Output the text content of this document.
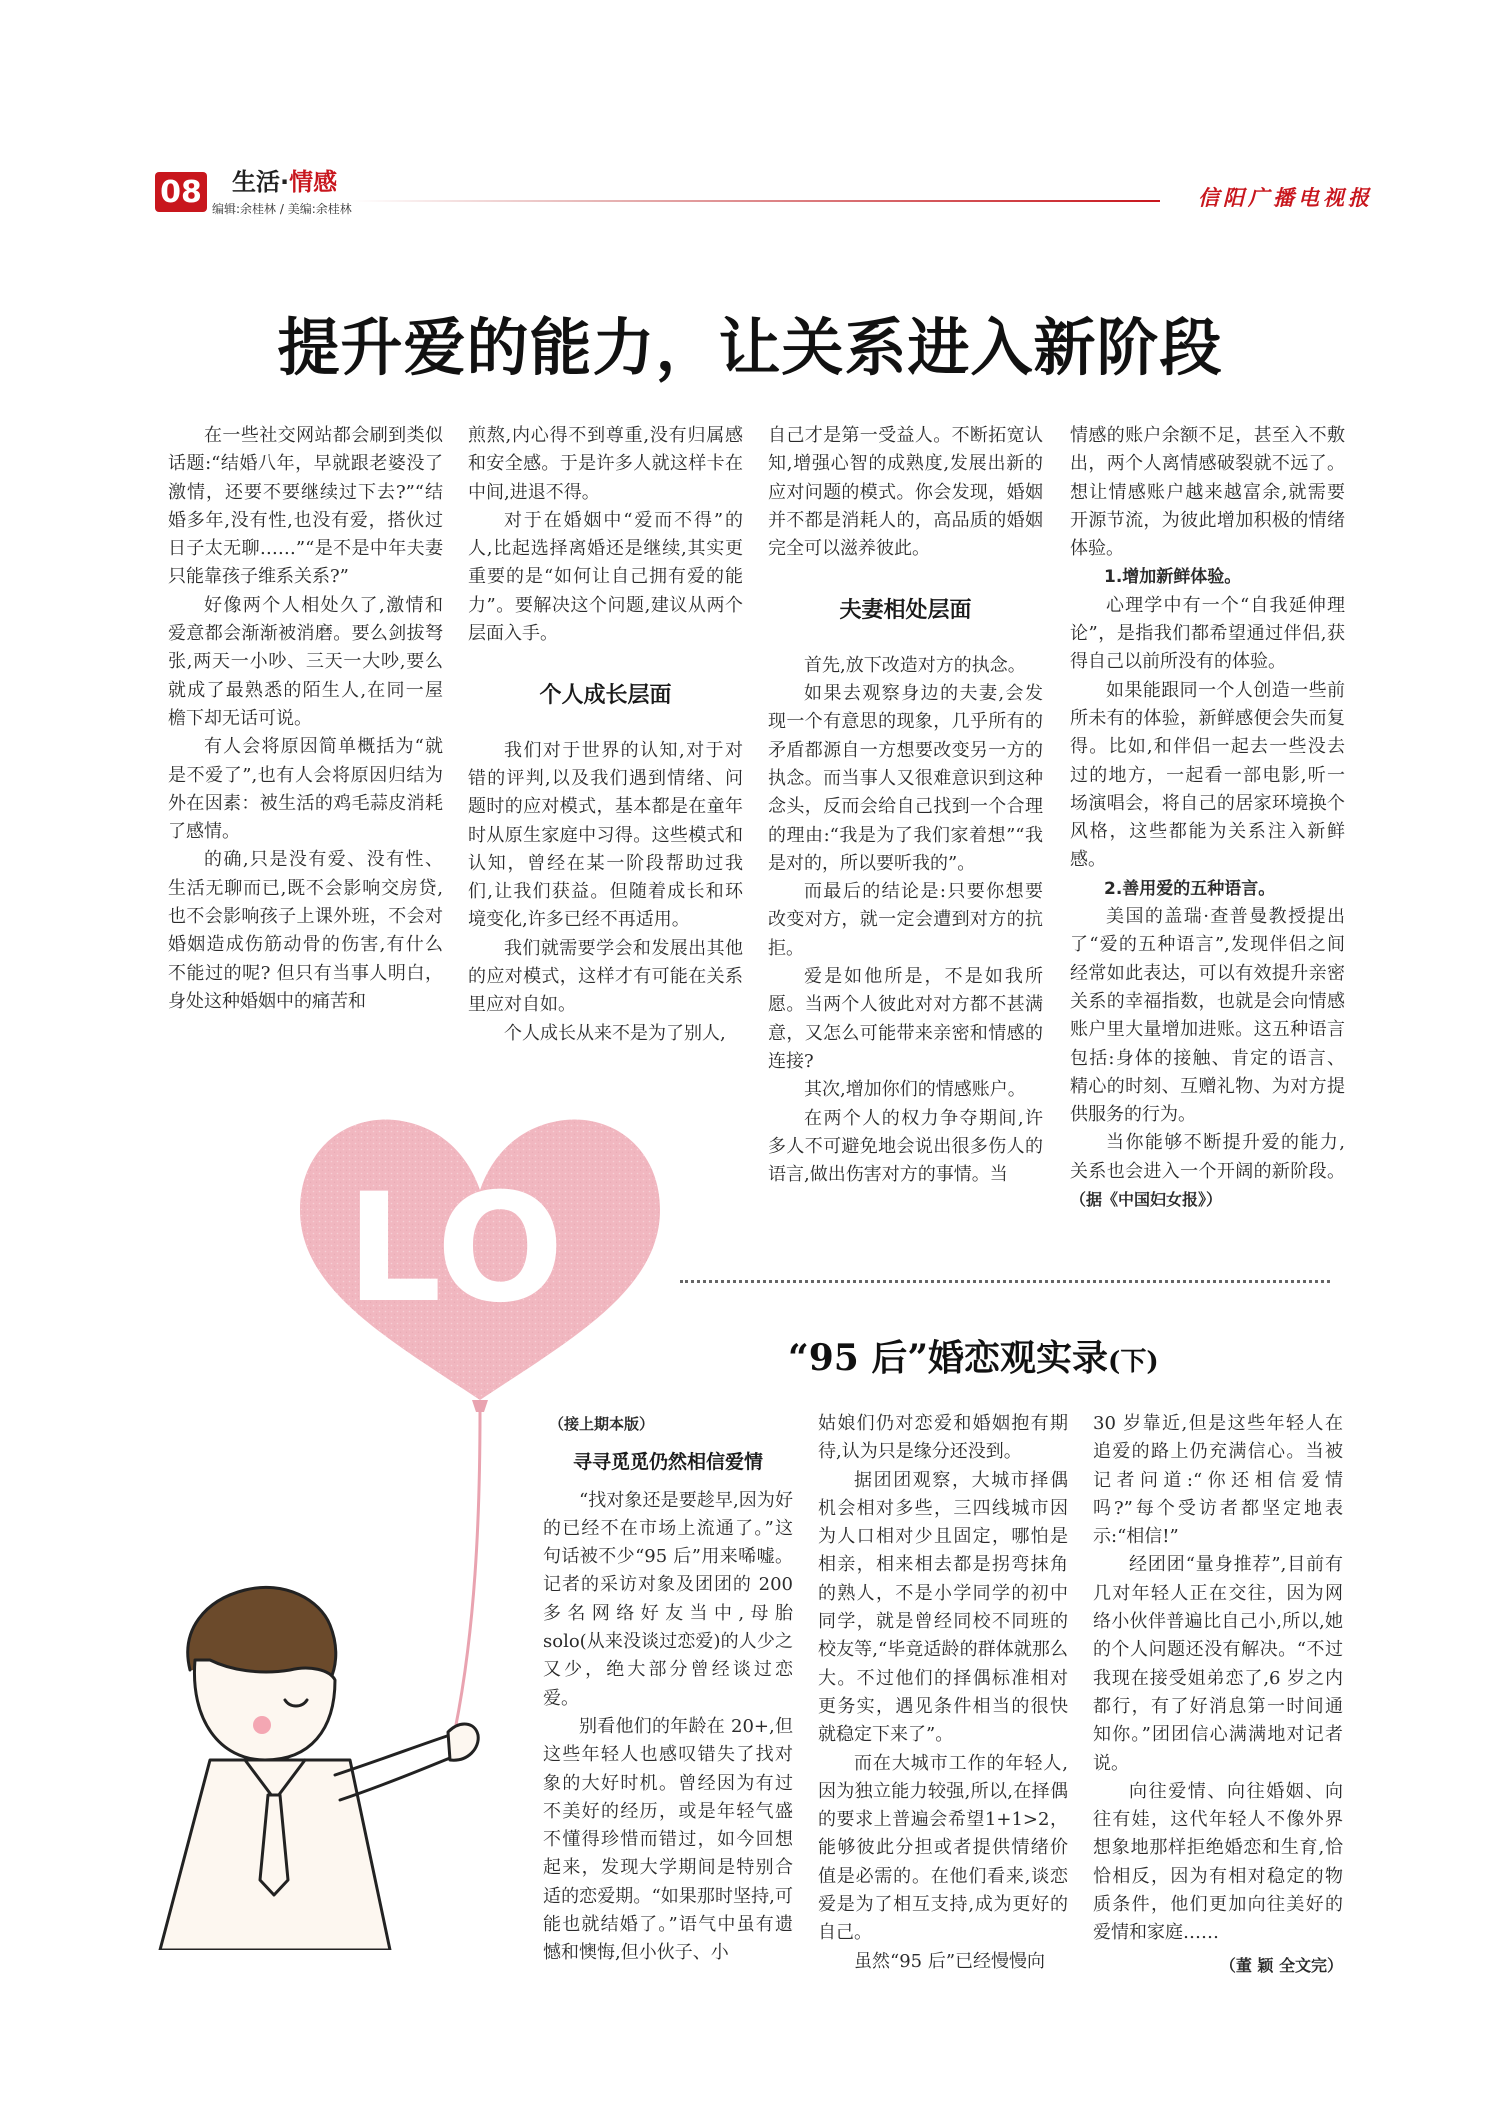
08 生活·情感
编辑:余桂林 / 美编:余桂林	信阳广播电视报
提升爱的能力，让关系进入新阶段

在一些社交网站都会刷到类似话题:“结婚八年，早就跟老婆没了激情，还要不要继续过下去?”“结婚多年,没有性,也没有爱，搭伙过日子太无聊……”“是不是中年夫妻只能靠孩子维系关系?”

好像两个人相处久了,激情和爱意都会渐渐被消磨。要么剑拔弩张,两天一小吵、三天一大吵,要么就成了最熟悉的陌生人,在同一屋檐下却无话可说。

有人会将原因简单概括为“就是不爱了”,也有人会将原因归结为外在因素：被生活的鸡毛蒜皮消耗了感情。

的确,只是没有爱、没有性、生活无聊而已,既不会影响交房贷,也不会影响孩子上课外班，不会对婚姻造成伤筋动骨的伤害,有什么不能过的呢? 但只有当事人明白，身处这种婚姻中的痛苦和

煎熬,内心得不到尊重,没有归属感和安全感。于是许多人就这样卡在中间,进退不得。

对于在婚姻中“爱而不得”的人,比起选择离婚还是继续,其实更重要的是“如何让自己拥有爱的能力”。要解决这个问题,建议从两个层面入手。

个人成长层面

我们对于世界的认知,对于对错的评判,以及我们遇到情绪、问题时的应对模式，基本都是在童年时从原生家庭中习得。这些模式和认知，曾经在某一阶段帮助过我们,让我们获益。但随着成长和环境变化,许多已经不再适用。

我们就需要学会和发展出其他的应对模式，这样才有可能在关系里应对自如。

个人成长从来不是为了别人,

自己才是第一受益人。不断拓宽认知,增强心智的成熟度,发展出新的应对问题的模式。你会发现，婚姻并不都是消耗人的，高品质的婚姻完全可以滋养彼此。

夫妻相处层面

首先,放下改造对方的执念。

如果去观察身边的夫妻,会发现一个有意思的现象，几乎所有的矛盾都源自一方想要改变另一方的执念。而当事人又很难意识到这种念头，反而会给自己找到一个合理的理由:“我是为了我们家着想”“我是对的，所以要听我的”。

而最后的结论是:只要你想要改变对方，就一定会遭到对方的抗拒。

爱是如他所是，不是如我所愿。当两个人彼此对对方都不甚满意，又怎么可能带来亲密和情感的连接?

其次,增加你们的情感账户。

在两个人的权力争夺期间,许多人不可避免地会说出很多伤人的语言,做出伤害对方的事情。当

情感的账户余额不足，甚至入不敷出，两个人离情感破裂就不远了。想让情感账户越来越富余,就需要开源节流，为彼此增加积极的情绪体验。

1.增加新鲜体验。

心理学中有一个“自我延伸理论”，是指我们都希望通过伴侣,获得自己以前所没有的体验。

如果能跟同一个人创造一些前所未有的体验，新鲜感便会失而复得。比如,和伴侣一起去一些没去过的地方，一起看一部电影,听一场演唱会，将自己的居家环境换个风格，这些都能为关系注入新鲜感。

2.善用爱的五种语言。

美国的盖瑞·查普曼教授提出了“爱的五种语言”,发现伴侣之间经常如此表达，可以有效提升亲密关系的幸福指数，也就是会向情感账户里大量增加进账。这五种语言包括:身体的接触、肯定的语言、精心的时刻、互赠礼物、为对方提供服务的行为。

当你能够不断提升爱的能力,关系也会进入一个开阔的新阶段。 （据《中国妇女报》）

LO
“95 后”婚恋观实录(下)

（接上期本版）

寻寻觅觅仍然相信爱情

“找对象还是要趁早,因为好的已经不在市场上流通了。”这句话被不少“95 后”用来唏嘘。记者的采访对象及团团的 200 多名网络好友当中,母胎 solo(从来没谈过恋爱)的人少之又少，绝大部分曾经谈过恋爱。

别看他们的年龄在 20+,但这些年轻人也感叹错失了找对象的大好时机。曾经因为有过不美好的经历，或是年轻气盛不懂得珍惜而错过，如今回想起来，发现大学期间是特别合适的恋爱期。“如果那时坚持,可能也就结婚了。”语气中虽有遗憾和懊悔,但小伙子、小

姑娘们仍对恋爱和婚姻抱有期待,认为只是缘分还没到。

据团团观察，大城市择偶机会相对多些，三四线城市因为人口相对少且固定，哪怕是相亲，相来相去都是拐弯抹角的熟人，不是小学同学的初中同学，就是曾经同校不同班的校友等,“毕竟适龄的群体就那么大。不过他们的择偶标准相对更务实，遇见条件相当的很快就稳定下来了”。

而在大城市工作的年轻人,因为独立能力较强,所以,在择偶的要求上普遍会希望1+1>2，能够彼此分担或者提供情绪价值是必需的。在他们看来,谈恋爱是为了相互支持,成为更好的自己。

虽然“95 后”已经慢慢向

30 岁靠近,但是这些年轻人在追爱的路上仍充满信心。当被记者问道:“你还相信爱情吗?”每个受访者都坚定地表示:“相信!”

经团团“量身推荐”,目前有几对年轻人正在交往，因为网络小伙伴普遍比自己小,所以,她的个人问题还没有解决。“不过我现在接受姐弟恋了,6 岁之内都行，有了好消息第一时间通知你。”团团信心满满地对记者说。

向往爱情、向往婚姻、向往有娃，这代年轻人不像外界想象地那样拒绝婚恋和生育,恰恰相反，因为有相对稳定的物质条件，他们更加向往美好的爱情和家庭……

（董 颖 全文完）
